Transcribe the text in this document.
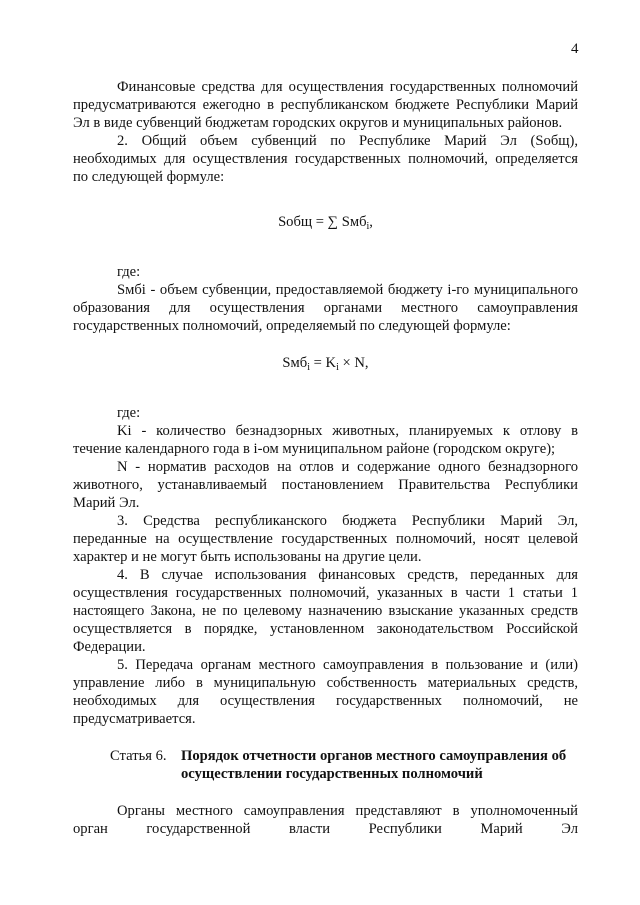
4

Финансовые средства для осуществления государственных полномочий предусматриваются ежегодно в республиканском бюджете Республики Марий Эл в виде субвенций бюджетам городских округов и муниципальных районов.

2. Общий объем субвенций по Республике Марий Эл (Sобщ), необходимых для осуществления государственных полномочий, определяется по следующей формуле:

Sобщ = ∑ Sмб$_i$,

где:

Sмбi - объем субвенции, предоставляемой бюджету i-го муниципального образования для осуществления органами местного самоуправления государственных полномочий, определяемый по следующей формуле:

$Sмб_i = K_i \times N$,

где:

Ki - количество безнадзорных животных, планируемых к отлову в течение календарного года в i-ом муниципальном районе (городском округе);

N - норматив расходов на отлов и содержание одного безнадзорного животного, устанавливаемый постановлением Правительства Республики Марий Эл.

3. Средства республиканского бюджета Республики Марий Эл, переданные на осуществление государственных полномочий, носят целевой характер и не могут быть использованы на другие цели.

4. В случае использования финансовых средств, переданных для осуществления государственных полномочий, указанных в части 1 статьи 1 настоящего Закона, не по целевому назначению взыскание указанных средств осуществляется в порядке, установленном законодательством Российской Федерации.

5. Передача органам местного самоуправления в пользование и (или) управление либо в муниципальную собственность материальных средств, необходимых для осуществления государственных полномочий, не предусматривается.

Статья 6. Порядок отчетности органов местного самоуправления об осуществлении государственных полномочий

Органы местного самоуправления представляют в уполномоченный орган государственной власти Республики Марий Эл
